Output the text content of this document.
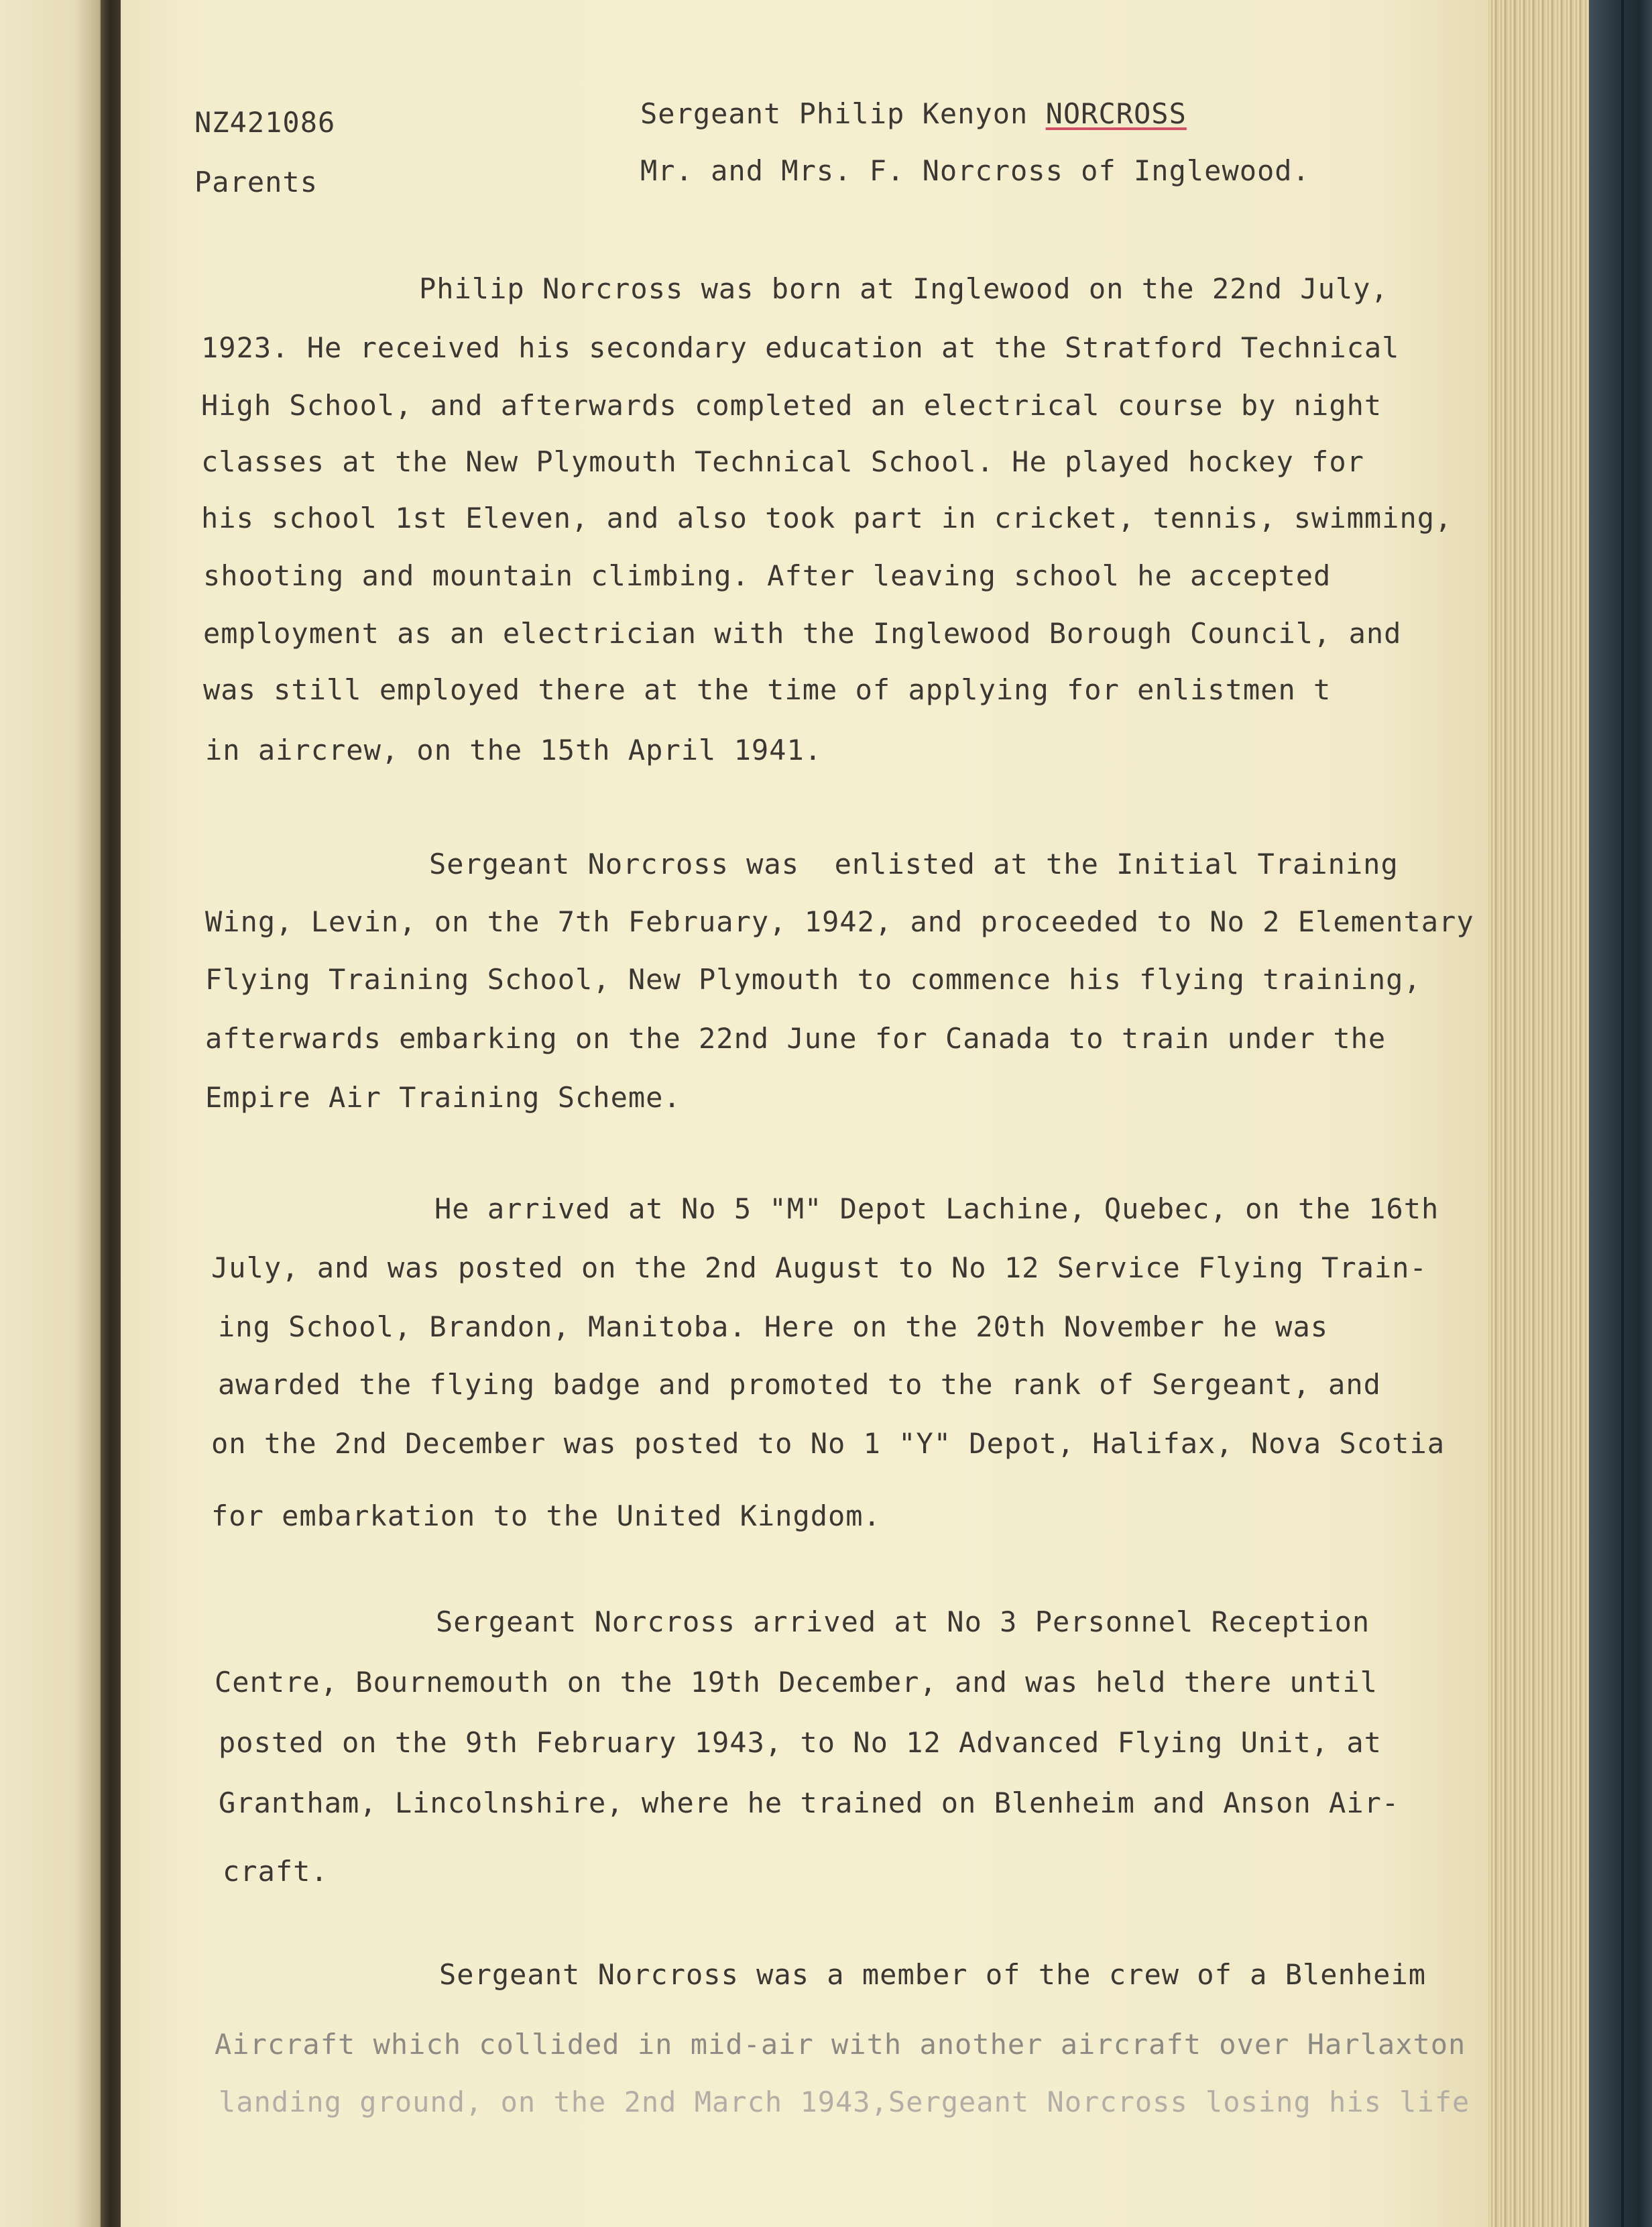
NZ421086	Sergeant Philip Kenyon NORCROSS
Parents	Mr. and Mrs. F. Norcross of Inglewood.
Philip Norcross was born at Inglewood on the 22nd July,
1923. He received his secondary education at the Stratford Technical
High School, and afterwards completed an electrical course by night
classes at the New Plymouth Technical School. He played hockey for
his school 1st Eleven, and also took part in cricket, tennis, swimming,
shooting and mountain climbing. After leaving school he accepted
employment as an electrician with the Inglewood Borough Council, and
was still employed there at the time of applying for enlistmen t
in aircrew, on the 15th April 1941.
Sergeant Norcross was  enlisted at the Initial Training
Wing, Levin, on the 7th February, 1942, and proceeded to No 2 Elementary
Flying Training School, New Plymouth to commence his flying training,
afterwards embarking on the 22nd June for Canada to train under the
Empire Air Training Scheme.
He arrived at No 5 "M" Depot Lachine, Quebec, on the 16th
July, and was posted on the 2nd August to No 12 Service Flying Train-
ing School, Brandon, Manitoba. Here on the 20th November he was
awarded the flying badge and promoted to the rank of Sergeant, and
on the 2nd December was posted to No 1 "Y" Depot, Halifax, Nova Scotia
for embarkation to the United Kingdom.
Sergeant Norcross arrived at No 3 Personnel Reception
Centre, Bournemouth on the 19th December, and was held there until
posted on the 9th February 1943, to No 12 Advanced Flying Unit, at
Grantham, Lincolnshire, where he trained on Blenheim and Anson Air-
craft.
Sergeant Norcross was a member of the crew of a Blenheim
Aircraft which collided in mid-air with another aircraft over Harlaxton
landing ground, on the 2nd March 1943,Sergeant Norcross losing his life
